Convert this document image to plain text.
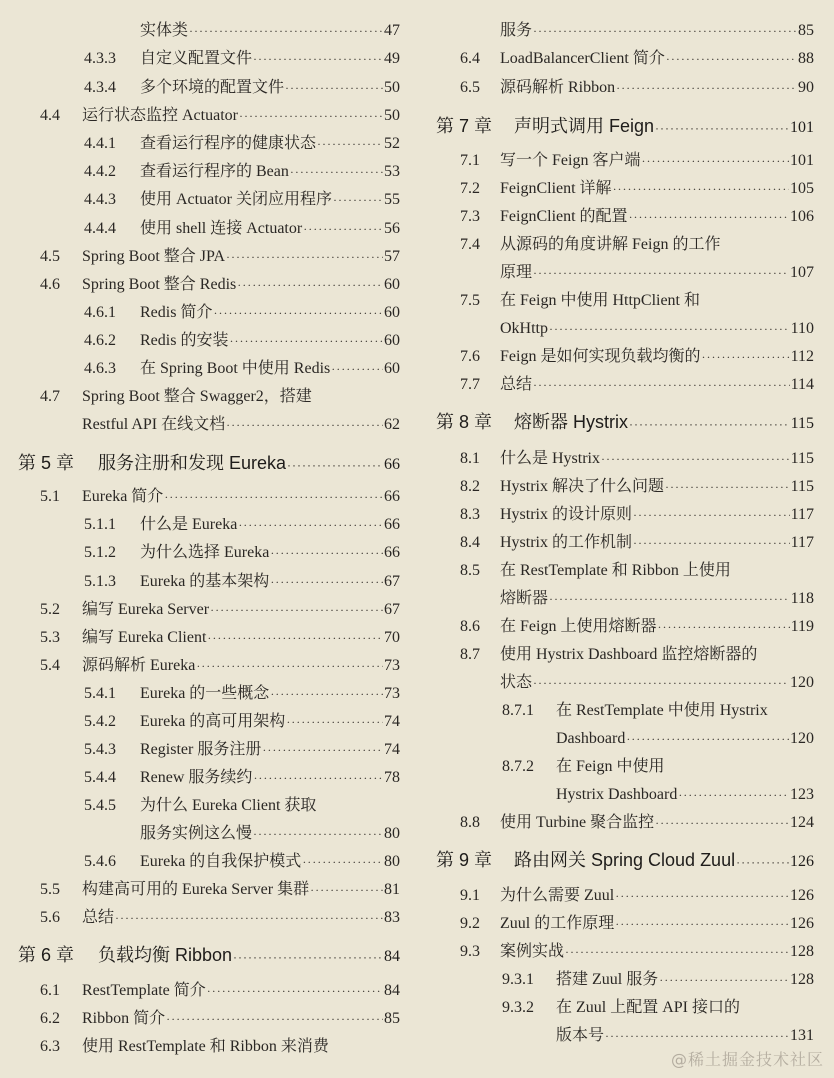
实体类 ·····	47
4.3.3 自定义配置文件 ·····	49
4.3.4 多个环境的配置文件 ·····	50
4.4 运行状态监控 Actuator ·····	50
4.4.1 查看运行程序的健康状态 ·····	52
4.4.2 查看运行程序的 Bean ·····	53
4.4.3 使用 Actuator 关闭应用程序 ·····	55
4.4.4 使用 shell 连接 Actuator ·····	56
4.5 Spring Boot 整合 JPA ·····	57
4.6 Spring Boot 整合 Redis ·····	60
4.6.1 Redis 简介 ·····	60
4.6.2 Redis 的安装 ·····	60
4.6.3 在 Spring Boot 中使用 Redis ·····	60
4.7 Spring Boot 整合 Swagger2，搭建
Restful API 在线文档 ·····	62
第 5 章 服务注册和发现 Eureka ·····	66
5.1 Eureka 简介 ·····	66
5.1.1 什么是 Eureka ·····	66
5.1.2 为什么选择 Eureka ·····	66
5.1.3 Eureka 的基本架构 ·····	67
5.2 编写 Eureka Server ·····	67
5.3 编写 Eureka Client ·····	70
5.4 源码解析 Eureka ·····	73
5.4.1 Eureka 的一些概念 ·····	73
5.4.2 Eureka 的高可用架构 ·····	74
5.4.3 Register 服务注册 ·····	74
5.4.4 Renew 服务续约 ·····	78
5.4.5 为什么 Eureka Client 获取
服务实例这么慢 ·····	80
5.4.6 Eureka 的自我保护模式 ·····	80
5.5 构建高可用的 Eureka Server 集群 ·····	81
5.6 总结 ·····	83
第 6 章 负载均衡 Ribbon ·····	84
6.1 RestTemplate 简介 ·····	84
6.2 Ribbon 简介 ·····	85
6.3 使用 RestTemplate 和 Ribbon 来消费
服务 ·····	85
6.4 LoadBalancerClient 简介 ·····	88
6.5 源码解析 Ribbon ·····	90
第 7 章 声明式调用 Feign ·····	101
7.1 写一个 Feign 客户端 ·····	101
7.2 FeignClient 详解 ·····	105
7.3 FeignClient 的配置 ·····	106
7.4 从源码的角度讲解 Feign 的工作
原理 ·····	107
7.5 在 Feign 中使用 HttpClient 和
OkHttp ·····	110
7.6 Feign 是如何实现负载均衡的 ·····	112
7.7 总结 ·····	114
第 8 章 熔断器 Hystrix ·····	115
8.1 什么是 Hystrix ·····	115
8.2 Hystrix 解决了什么问题 ·····	115
8.3 Hystrix 的设计原则 ·····	117
8.4 Hystrix 的工作机制 ·····	117
8.5 在 RestTemplate 和 Ribbon 上使用
熔断器 ·····	118
8.6 在 Feign 上使用熔断器 ·····	119
8.7 使用 Hystrix Dashboard 监控熔断器的
状态 ·····	120
8.7.1 在 RestTemplate 中使用 Hystrix
Dashboard ·····	120
8.7.2 在 Feign 中使用
Hystrix Dashboard ·····	123
8.8 使用 Turbine 聚合监控 ·····	124
第 9 章 路由网关 Spring Cloud Zuul ·····	126
9.1 为什么需要 Zuul ·····	126
9.2 Zuul 的工作原理 ·····	126
9.3 案例实战 ·····	128
9.3.1 搭建 Zuul 服务 ·····	128
9.3.2 在 Zuul 上配置 API 接口的
版本号 ·····	131
@稀土掘金技术社区
